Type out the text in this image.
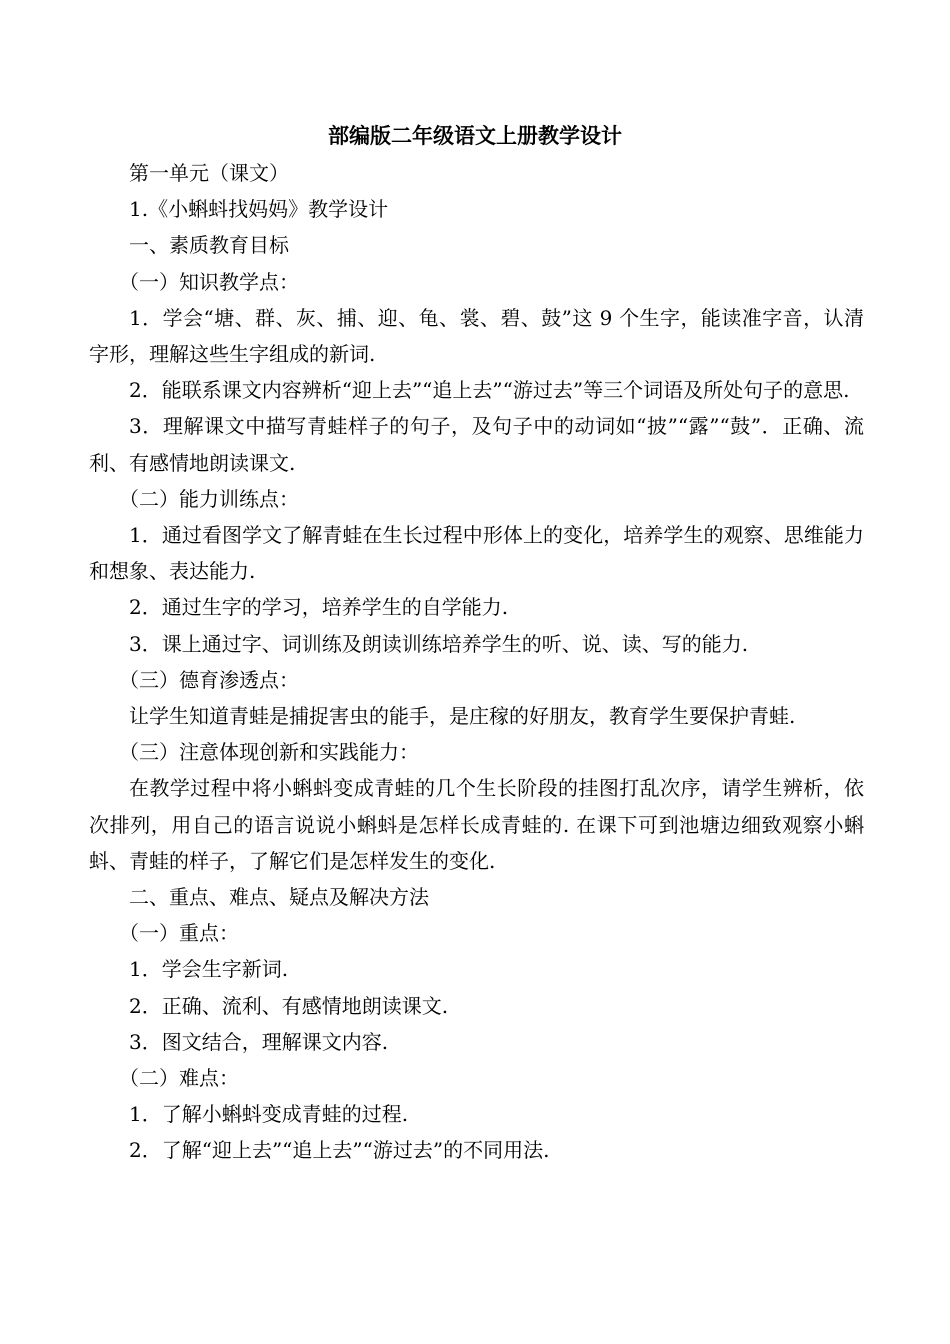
部编版二年级语文上册教学设计

第一单元（课文）

1.《小蝌蚪找妈妈》教学设计

一、素质教育目标

（一）知识教学点：

1．学会“塘、群、灰、捕、迎、龟、裳、碧、鼓”这 9 个生字，能读准字音，认清字形，理解这些生字组成的新词.

2．能联系课文内容辨析“迎上去”“追上去”“游过去”等三个词语及所处句子的意思.

3．理解课文中描写青蛙样子的句子，及句子中的动词如“披”“露”“鼓”．正确、流利、有感情地朗读课文.

（二）能力训练点：

1．通过看图学文了解青蛙在生长过程中形体上的变化，培养学生的观察、思维能力和想象、表达能力.

2．通过生字的学习，培养学生的自学能力.

3．课上通过字、词训练及朗读训练培养学生的听、说、读、写的能力.

（三）德育渗透点：

让学生知道青蛙是捕捉害虫的能手，是庄稼的好朋友，教育学生要保护青蛙.

（三）注意体现创新和实践能力：

在教学过程中将小蝌蚪变成青蛙的几个生长阶段的挂图打乱次序，请学生辨析，依次排列，用自己的语言说说小蝌蚪是怎样长成青蛙的. 在课下可到池塘边细致观察小蝌蚪、青蛙的样子，了解它们是怎样发生的变化.

二、重点、难点、疑点及解决方法

（一）重点：

1．学会生字新词.

2．正确、流利、有感情地朗读课文.

3．图文结合，理解课文内容.

（二）难点：

1．了解小蝌蚪变成青蛙的过程.

2．了解“迎上去”“追上去”“游过去”的不同用法.
